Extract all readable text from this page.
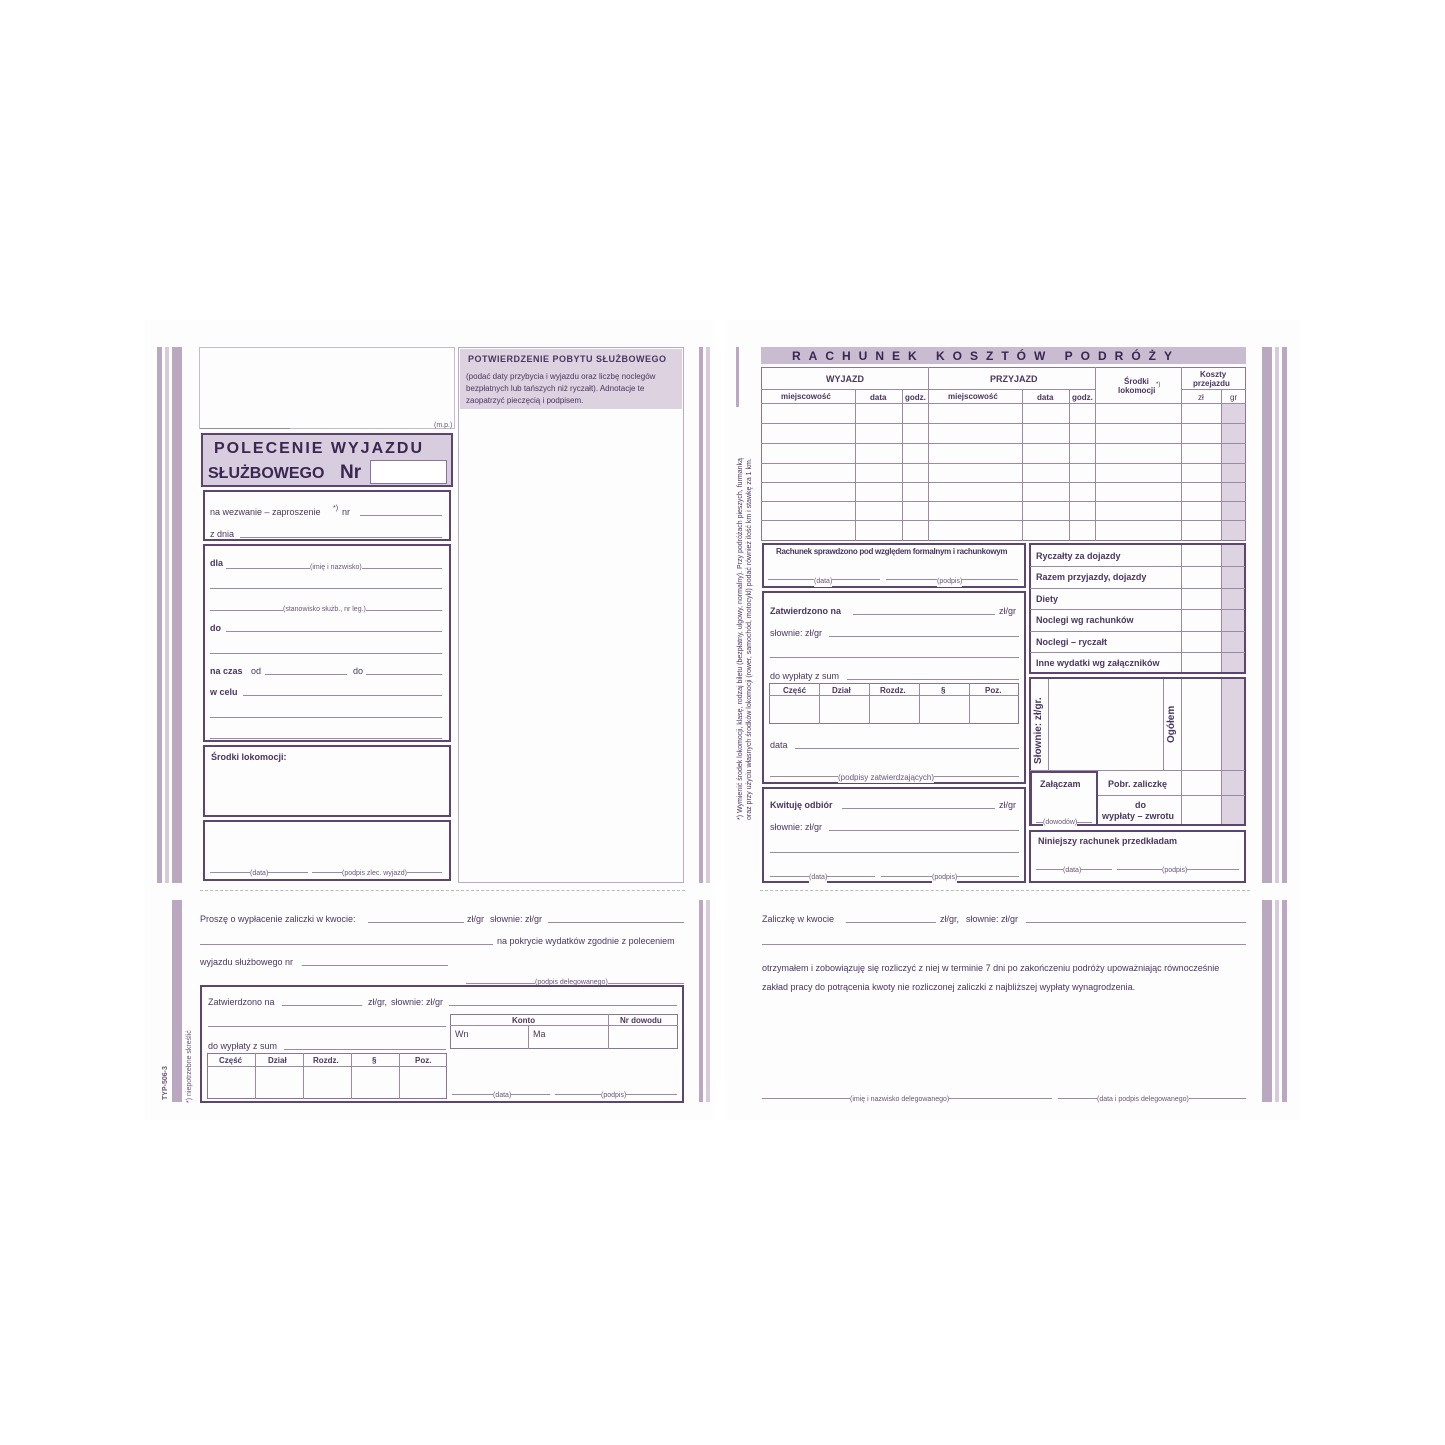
(m.p.)
POLECENIE WYJAZDU
SŁUŻBOWEGO Nr
na wezwanie – zaproszenie *) nr
z dnia
dla	(imię i nazwisko)
(stanowisko służb., nr leg.)
do
na czas od	do
w celu
Środki lokomocji:
(data)	(podpis zlec. wyjazd)
POTWIERDZENIE POBYTU SŁUŻBOWEGO
(podać daty przybycia i wyjazdu oraz liczbę noclegów
bezpłatnych lub tańszych niż ryczałt). Adnotacje te
zaopatrzyć pieczęcią i podpisem.
RACHUNEK KOSZTÓW PODRÓŻY
*) Wymienić środek lokomocji, klasę, rodzaj biletu (bezpłatny, ulgowy, normalny). Przy podróżach pieszych, furmanką oraz przy użyciu własnych środków lokomocji (rower, samochód, motocykl) podać również ilość km i stawkę za 1 km.
WYJAZD	PRZYJAZD	Środki
lokomocji
*)
Koszty
przejazdu
miejscowość	data godz.	miejscowość	data godz.	zł	gr
Rachunek sprawdzono pod względem formalnym i rachunkowym
(data)	(podpis)
Zatwierdzono na	zł/gr
słownie: zł/gr
do wypłaty z sum
Część	Dział	Rozdz.	§	Poz.
data
(podpisy zatwierdzających)
Kwituję odbiór	zł/gr
słownie: zł/gr
(data)	(podpis)
Ryczałty za dojazdy
Razem przyjazdy, dojazdy
Diety
Noclegi wg rachunków
Noclegi – ryczałt
Inne wydatki wg załączników
Słownie: zł/gr.	Ogółem
Załączam
(dowodów)
Pobr. zaliczkę
do
wypłaty – zwrotu
Niniejszy rachunek przedkładam
(data)	(podpis)
Proszę o wypłacenie zaliczki w kwocie:	zł/gr słownie: zł/gr
na pokrycie wydatków zgodnie z poleceniem
wyjazdu służbowego nr
(podpis delegowanego)
Zatwierdzono na	zł/gr, słownie: zł/gr
Konto	Nr dowodu
Wn	Ma
do wypłaty z sum
Część	Dział	Rozdz.	§	Poz.
(data)	(podpis)
TYP-506-3 *) niepotrzebne skreślić
Zaliczkę w kwocie	zł/gr, słownie: zł/gr
otrzymałem i zobowiązuję się rozliczyć z niej w terminie 7 dni po zakończeniu podróży upoważniając równocześnie
zakład pracy do potrącenia kwoty nie rozliczonej zaliczki z najbliższej wypłaty wynagrodzenia.
(imię i nazwisko delegowanego)	(data i podpis delegowanego)
